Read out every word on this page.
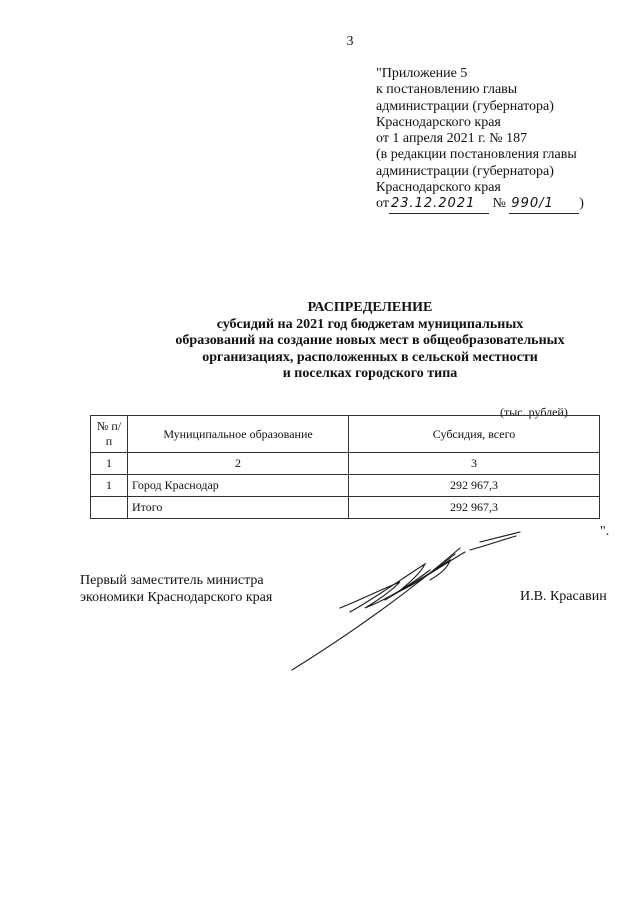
3
"Приложение 5
к постановлению главы
администрации (губернатора)
Краснодарского края
от 1 апреля 2021 г. № 187
(в редакции постановления главы
администрации (губернатора)
Краснодарского края
от 23.12.2021 № 990/1 )
РАСПРЕДЕЛЕНИЕ
субсидий на 2021 год бюджетам муниципальных
образований на создание новых мест в общеобразовательных
организациях, расположенных в сельской местности
и поселках городского типа
(тыс. рублей)
№ п/п	Муниципальное образование	Субсидия, всего
1	2	3
1	Город Краснодар	292 967,3
	Итого	292 967,3
".
Первый заместитель министра
экономики Краснодарского края	И.В. Красавин
